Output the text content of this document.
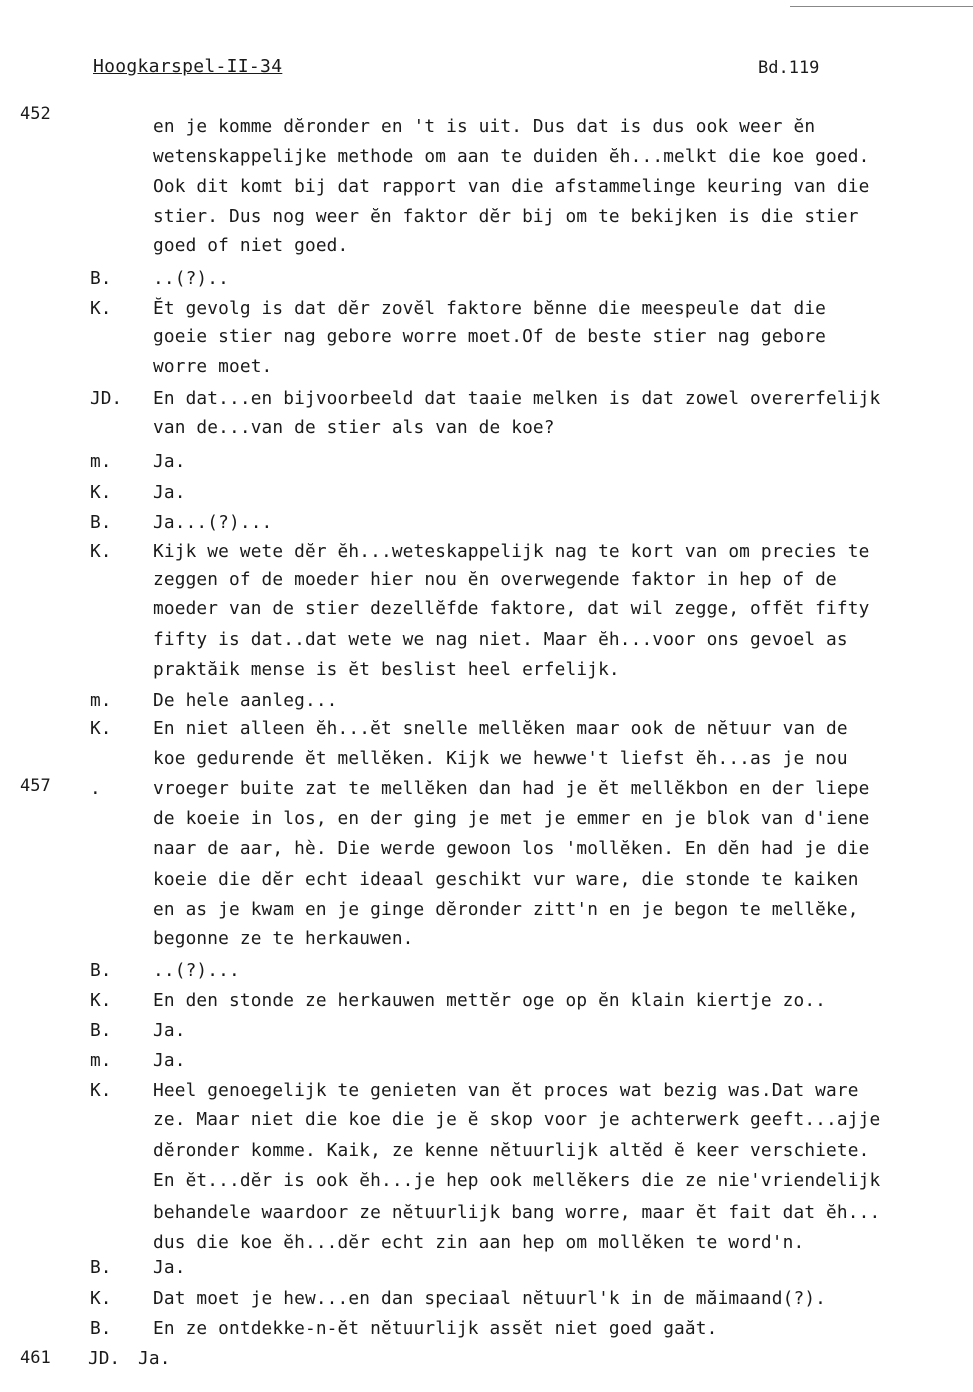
Hoogkarspel-II-34	Bd.119
452
457
461
en je komme dĕronder en 't is uit. Dus dat is dus ook weer ĕn
wetenskappelijke methode om aan te duiden ĕh...melkt die koe goed.
Ook dit komt bij dat rapport van die afstammelinge keuring van die
stier. Dus nog weer ĕn faktor dĕr bij om te bekijken is die stier
goed of niet goed.
B. ..(?)..
K. Ĕt gevolg is dat dĕr zovĕl faktore bĕnne die meespeule dat die
goeie stier nag gebore worre moet.Of de beste stier nag gebore
worre moet.
JD. En dat...en bijvoorbeeld dat taaie melken is dat zowel overerfelijk
van de...van de stier als van de koe?
m. Ja.
K. Ja.
B. Ja...(?)...
K. Kijk we wete dĕr ĕh...weteskappelijk nag te kort van om precies te
zeggen of de moeder hier nou ĕn overwegende faktor in hep of de
moeder van de stier dezellĕfde faktore, dat wil zegge, offĕt fifty
fifty is dat..dat wete we nag niet. Maar ĕh...voor ons gevoel as
praktăik mense is ĕt beslist heel erfelijk.
m. De hele aanleg...
K. En niet alleen ĕh...ĕt snelle mellĕken maar ook de nĕtuur van de
koe gedurende ĕt mellĕken. Kijk we hewwe't liefst ĕh...as je nou
.	vroeger buite zat te mellĕken dan had je ĕt mellĕkbon en der liepe
de koeie in los, en der ging je met je emmer en je blok van d'iene
naar de aar, hè. Die werde gewoon los 'mollĕken. En dĕn had je die
koeie die dĕr echt ideaal geschikt vur ware, die stonde te kaiken
en as je kwam en je ginge dĕronder zitt'n en je begon te mellĕke,
begonne ze te herkauwen.
B. ..(?)...
K. En den stonde ze herkauwen mettĕr oge op ĕn klain kiertje zo..
B. Ja.
m. Ja.
K. Heel genoegelijk te genieten van ĕt proces wat bezig was.Dat ware
ze. Maar niet die koe die je ĕ skop voor je achterwerk geeft...ajje
dĕronder komme. Kaik, ze kenne nĕtuurlijk altĕd ĕ keer verschiete.
En ĕt...dĕr is ook ĕh...je hep ook mellĕkers die ze nie'vriendelijk
behandele waardoor ze nĕtuurlijk bang worre, maar ĕt fait dat ĕh...
dus die koe ĕh...dĕr echt zin aan hep om mollĕken te word'n.
B. Ja.
K. Dat moet je hew...en dan speciaal nĕtuurl'k in de măimaand(?).
B. En ze ontdekke-n-ĕt nĕtuurlijk assĕt niet goed gaăt.
JD. Ja.
